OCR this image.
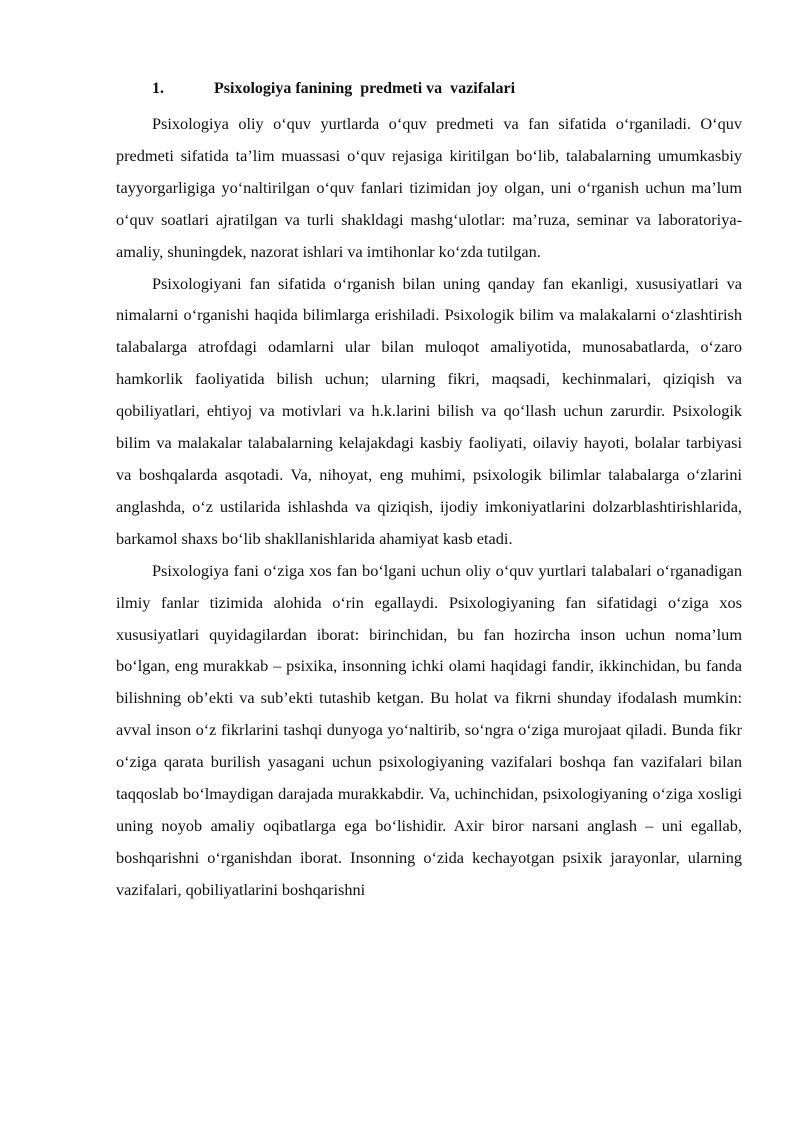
1.	Psixologiya fanining  predmeti va  vazifalari

Psixologiya oliy o‘quv yurtlarda o‘quv predmeti va fan sifatida o‘rganiladi. O‘quv predmeti sifatida ta’lim muassasi o‘quv rejasiga kiritilgan bo‘lib, talabalarning umumkasbiy tayyorgarligiga yo‘naltirilgan o‘quv fanlari tizimidan joy olgan, uni o‘rganish uchun ma’lum o‘quv soatlari ajratilgan va turli shakldagi mashg‘ulotlar: ma’ruza, seminar va laboratoriya-amaliy, shuningdek, nazorat ishlari va imtihonlar ko‘zda tutilgan.

Psixologiyani fan sifatida o‘rganish bilan uning qanday fan ekanligi, xususiyatlari va nimalarni o‘rganishi haqida bilimlarga erishiladi. Psixologik bilim va malakalarni o‘zlashtirish talabalarga atrofdagi odamlarni ular bilan muloqot amaliyotida, munosabatlarda, o‘zaro hamkorlik faoliyatida bilish uchun; ularning fikri, maqsadi, kechinmalari, qiziqish va qobiliyatlari, ehtiyoj va motivlari va h.k.larini bilish va qo‘llash uchun zarurdir. Psixologik bilim va malakalar talabalarning kelajakdagi kasbiy faoliyati, oilaviy hayoti, bolalar tarbiyasi va boshqalarda asqotadi. Va, nihoyat, eng muhimi, psixologik bilimlar talabalarga o‘zlarini anglashda, o‘z ustilarida ishlashda va qiziqish, ijodiy imkoniyatlarini dolzarblashtirishlarida, barkamol shaxs bo‘lib shakllanishlarida ahamiyat kasb etadi.

Psixologiya fani o‘ziga xos fan bo‘lgani uchun oliy o‘quv yurtlari talabalari o‘rganadigan ilmiy fanlar tizimida alohida o‘rin egallaydi. Psixologiyaning fan sifatidagi o‘ziga xos xususiyatlari quyidagilardan iborat: birinchidan, bu fan hozircha inson uchun noma’lum bo‘lgan, eng murakkab – psixika, insonning ichki olami haqidagi fandir, ikkinchidan, bu fanda bilishning ob’ekti va sub’ekti tutashib ketgan. Bu holat va fikrni shunday ifodalash mumkin: avval inson o‘z fikrlarini tashqi dunyoga yo‘naltirib, so‘ngra o‘ziga murojaat qiladi. Bunda fikr o‘ziga qarata burilish yasagani uchun psixologiyaning vazifalari boshqa fan vazifalari bilan taqqoslab bo‘lmaydigan darajada murakkabdir. Va, uchinchidan, psixologiyaning o‘ziga xosligi uning noyob amaliy oqibatlarga ega bo‘lishidir. Axir biror narsani anglash – uni egallab, boshqarishni o‘rganishdan iborat. Insonning o‘zida kechayotgan psixik jarayonlar, ularning vazifalari, qobiliyatlarini boshqarishni
